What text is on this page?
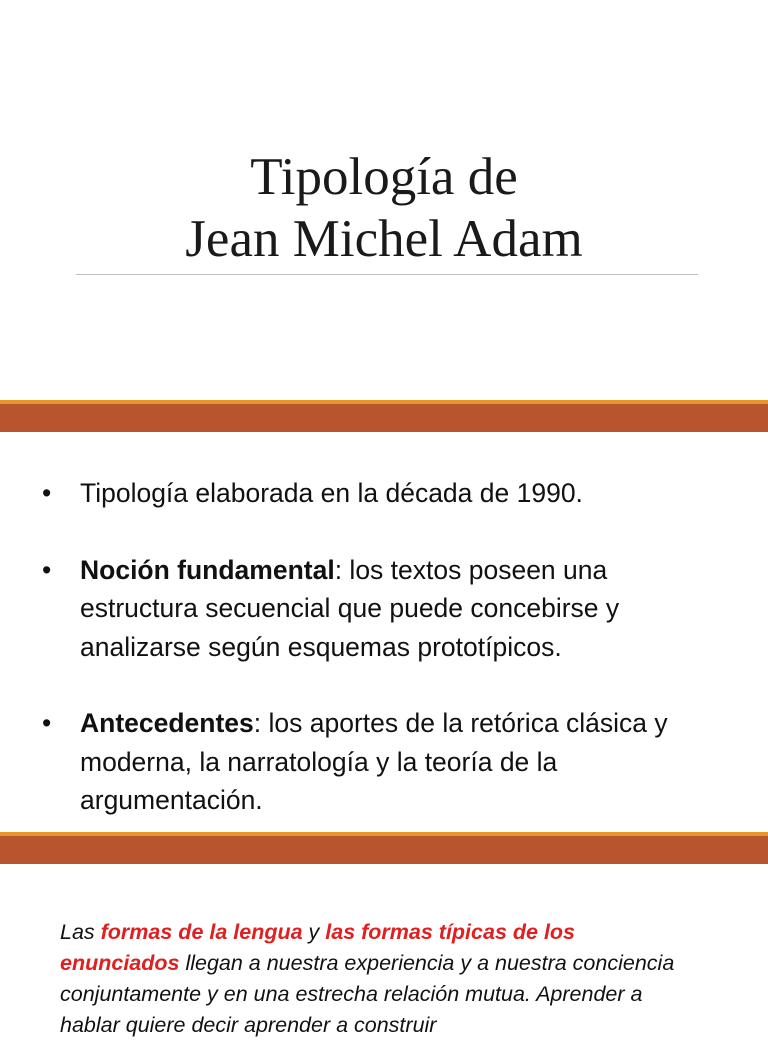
Tipología de
Jean Michel Adam
• Tipología elaborada en la década de 1990.
• Noción fundamental: los textos poseen una estructura secuencial que puede concebirse y analizarse según esquemas prototípicos.
• Antecedentes: los aportes de la retórica clásica y moderna, la narratología y la teoría de la argumentación.
Las formas de la lengua y las formas típicas de los enunciados llegan a nuestra experiencia y a nuestra conciencia conjuntamente y en una estrecha relación mutua. Aprender a hablar quiere decir aprender a construir
